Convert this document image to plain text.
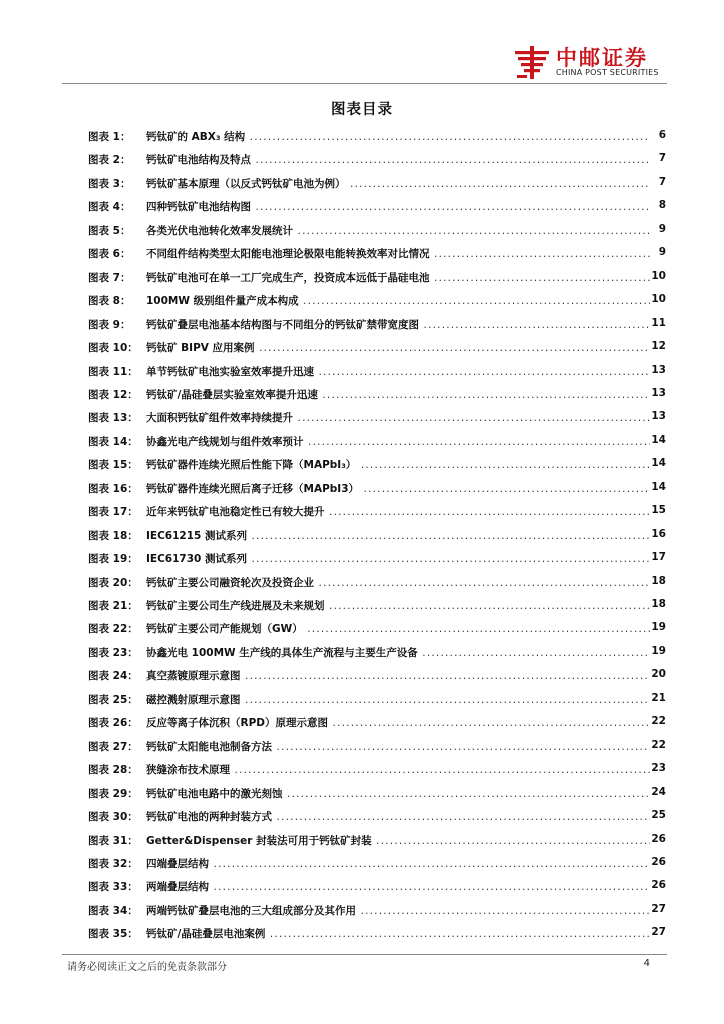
中邮证券
CHINA POST SECURITIES
图表目录
图表 1： 钙钛矿的 ABX₃ 结构 .....	6
图表 2： 钙钛矿电池结构及特点 .....	7
图表 3： 钙钛矿基本原理（以反式钙钛矿电池为例） .....	7
图表 4： 四种钙钛矿电池结构图 .....	8
图表 5： 各类光伏电池转化效率发展统计 .....	9
图表 6： 不同组件结构类型太阳能电池理论极限电能转换效率对比情况 .....	9
图表 7： 钙钛矿电池可在单一工厂完成生产，投资成本远低于晶硅电池 .....	10
图表 8： 100MW 级别组件量产成本构成 .....	10
图表 9： 钙钛矿叠层电池基本结构图与不同组分的钙钛矿禁带宽度图 .....	11
图表 10： 钙钛矿 BIPV 应用案例 .....	12
图表 11： 单节钙钛矿电池实验室效率提升迅速 .....	13
图表 12： 钙钛矿/晶硅叠层实验室效率提升迅速 .....	13
图表 13： 大面积钙钛矿组件效率持续提升 .....	13
图表 14： 协鑫光电产线规划与组件效率预计 .....	14
图表 15： 钙钛矿器件连续光照后性能下降（MAPbI₃） .....	14
图表 16： 钙钛矿器件连续光照后离子迁移（MAPbI3） .....	14
图表 17： 近年来钙钛矿电池稳定性已有较大提升 .....	15
图表 18： IEC61215 测试系列 .....	16
图表 19： IEC61730 测试系列 .....	17
图表 20： 钙钛矿主要公司融资轮次及投资企业 .....	18
图表 21： 钙钛矿主要公司生产线进展及未来规划 .....	18
图表 22： 钙钛矿主要公司产能规划（GW） .....	19
图表 23： 协鑫光电 100MW 生产线的具体生产流程与主要生产设备 .....	19
图表 24： 真空蒸镀原理示意图 .....	20
图表 25： 磁控溅射原理示意图 .....	21
图表 26： 反应等离子体沉积（RPD）原理示意图 .....	22
图表 27： 钙钛矿太阳能电池制备方法 .....	22
图表 28： 狭缝涂布技术原理 .....	23
图表 29： 钙钛矿电池电路中的激光刻蚀 .....	24
图表 30： 钙钛矿电池的两种封装方式 .....	25
图表 31： Getter&Dispenser 封装法可用于钙钛矿封装 .....	26
图表 32： 四端叠层结构 .....	26
图表 33： 两端叠层结构 .....	26
图表 34： 两端钙钛矿叠层电池的三大组成部分及其作用 .....	27
图表 35： 钙钛矿/晶硅叠层电池案例 .....	27
请务必阅读正文之后的免责条款部分	4
